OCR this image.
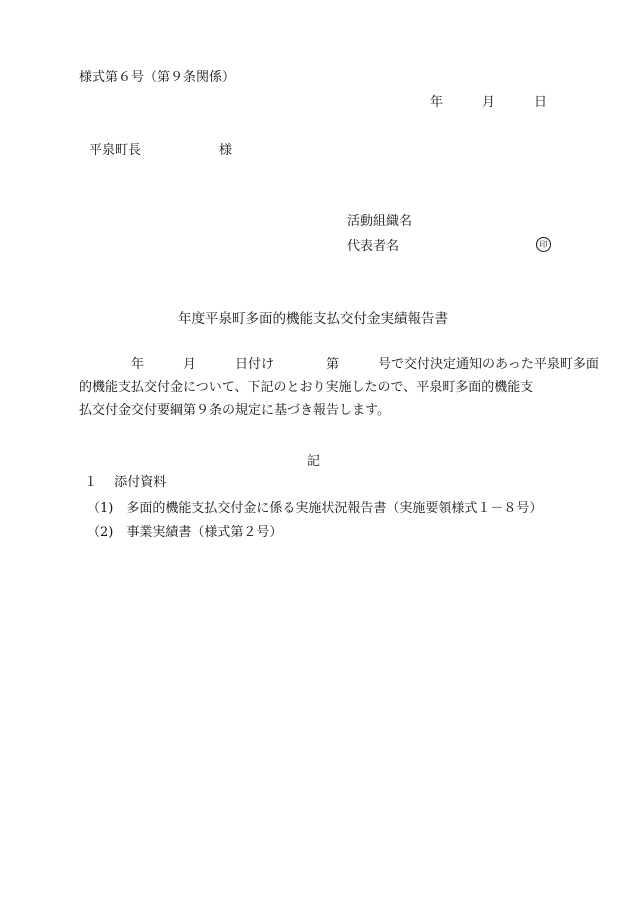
様式第６号（第９条関係）
年　　　月　　　日
平泉町長　　　　　　様
活動組織名
代表者名	印
年度平泉町多面的機能支払交付金実績報告書
　　　　年　　　月　　　日付け　　　　第　　　号で交付決定通知のあった平泉町多面
的機能支払交付金について、下記のとおり実施したので、平泉町多面的機能支
払交付金交付要綱第９条の規定に基づき報告します。
記
１　 添付資料
（1)　多面的機能支払交付金に係る実施状況報告書（実施要領様式１－８号）
（2)　事業実績書（様式第２号）
